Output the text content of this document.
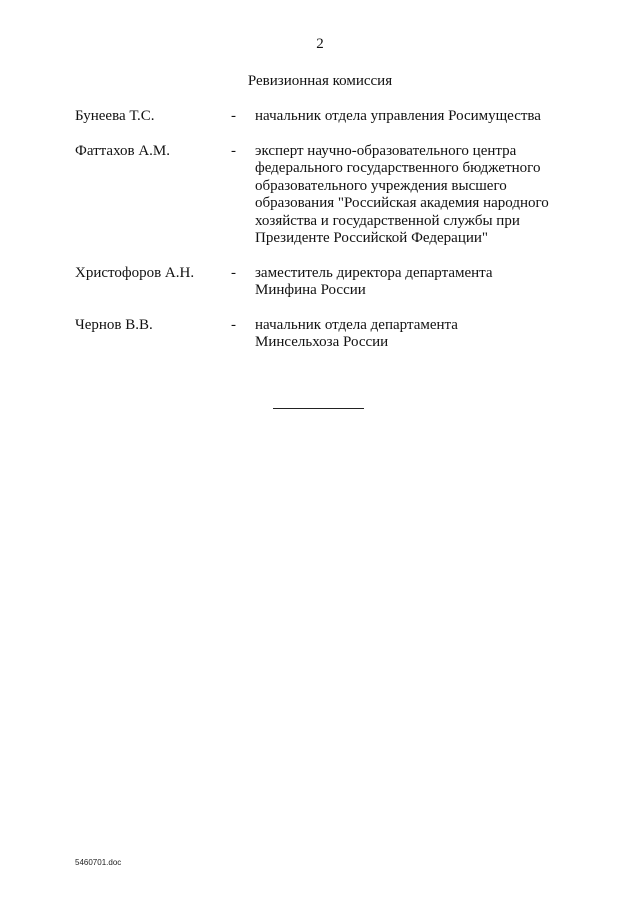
2
Ревизионная комиссия
Бунеева Т.С.	-	начальник отдела управления Росимущества
Фаттахов А.М.	-	эксперт научно-образовательного центра
федерального государственного бюджетного
образовательного учреждения высшего
образования "Российская академия народного
хозяйства и государственной службы при
Президенте Российской Федерации"
Христофоров А.Н.	-	заместитель директора департамента
Минфина России
Чернов В.В.	-	начальник отдела департамента
Минсельхоза России
5460701.doc
